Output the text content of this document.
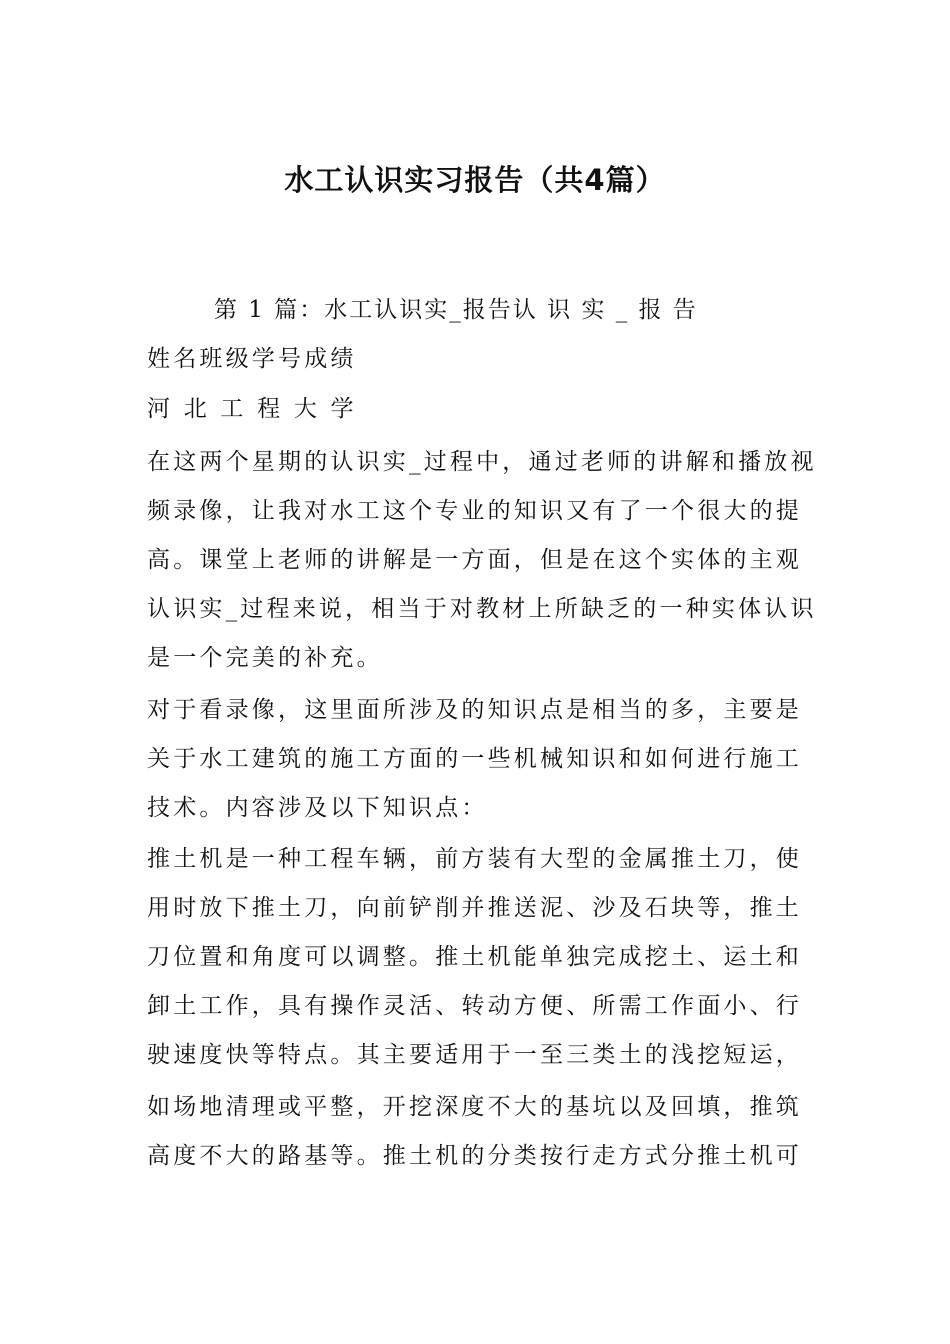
水工认识实习报告（共4篇）
第 1 篇：水工认识实_报告认 识 实 _ 报 告
姓名班级学号成绩
河 北 工 程 大 学
在这两个星期的认识实_过程中，通过老师的讲解和播放视
频录像，让我对水工这个专业的知识又有了一个很大的提
高。课堂上老师的讲解是一方面，但是在这个实体的主观
认识实_过程来说，相当于对教材上所缺乏的一种实体认识
是一个完美的补充。
对于看录像，这里面所涉及的知识点是相当的多，主要是
关于水工建筑的施工方面的一些机械知识和如何进行施工
技术。内容涉及以下知识点：
推土机是一种工程车辆，前方装有大型的金属推土刀，使
用时放下推土刀，向前铲削并推送泥、沙及石块等，推土
刀位置和角度可以调整。推土机能单独完成挖土、运土和
卸土工作，具有操作灵活、转动方便、所需工作面小、行
驶速度快等特点。其主要适用于一至三类土的浅挖短运，
如场地清理或平整，开挖深度不大的基坑以及回填，推筑
高度不大的路基等。推土机的分类按行走方式分推土机可
